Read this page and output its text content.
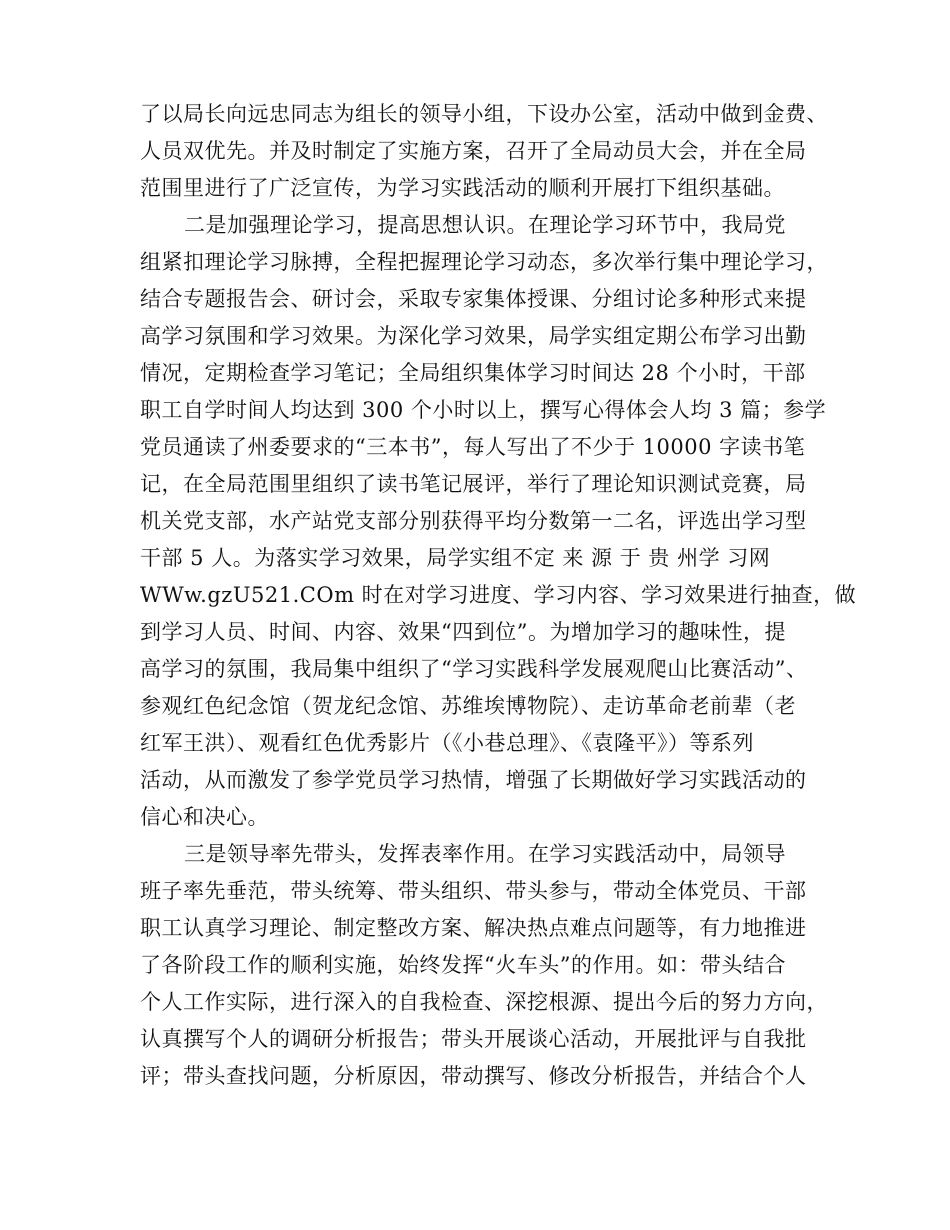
了以局长向远忠同志为组长的领导小组，下设办公室，活动中做到金费、
人员双优先。并及时制定了实施方案，召开了全局动员大会，并在全局
范围里进行了广泛宣传，为学习实践活动的顺利开展打下组织基础。
二是加强理论学习，提高思想认识。在理论学习环节中，我局党
组紧扣理论学习脉搏，全程把握理论学习动态，多次举行集中理论学习，
结合专题报告会、研讨会，采取专家集体授课、分组讨论多种形式来提
高学习氛围和学习效果。为深化学习效果，局学实组定期公布学习出勤
情况，定期检查学习笔记；全局组织集体学习时间达 28 个小时，干部
职工自学时间人均达到 300 个小时以上，撰写心得体会人均 3 篇；参学
党员通读了州委要求的“三本书”，每人写出了不少于 10000 字读书笔
记，在全局范围里组织了读书笔记展评，举行了理论知识测试竞赛，局
机关党支部，水产站党支部分别获得平均分数第一二名，评选出学习型
干部 5 人。为落实学习效果，局学实组不定 来 源 于 贵 州学 习网
WWw.gzU521.COm 时在对学习进度、学习内容、学习效果进行抽查，做
到学习人员、时间、内容、效果“四到位”。为增加学习的趣味性，提
高学习的氛围，我局集中组织了“学习实践科学发展观爬山比赛活动”、
参观红色纪念馆（贺龙纪念馆、苏维埃博物院）、走访革命老前辈（老
红军王洪）、观看红色优秀影片（《小巷总理》、《袁隆平》）等系列
活动，从而激发了参学党员学习热情，增强了长期做好学习实践活动的
信心和决心。
三是领导率先带头，发挥表率作用。在学习实践活动中，局领导
班子率先垂范，带头统筹、带头组织、带头参与，带动全体党员、干部
职工认真学习理论、制定整改方案、解决热点难点问题等，有力地推进
了各阶段工作的顺利实施，始终发挥“火车头”的作用。如：带头结合
个人工作实际，进行深入的自我检查、深挖根源、提出今后的努力方向，
认真撰写个人的调研分析报告；带头开展谈心活动，开展批评与自我批
评；带头查找问题，分析原因，带动撰写、修改分析报告，并结合个人
